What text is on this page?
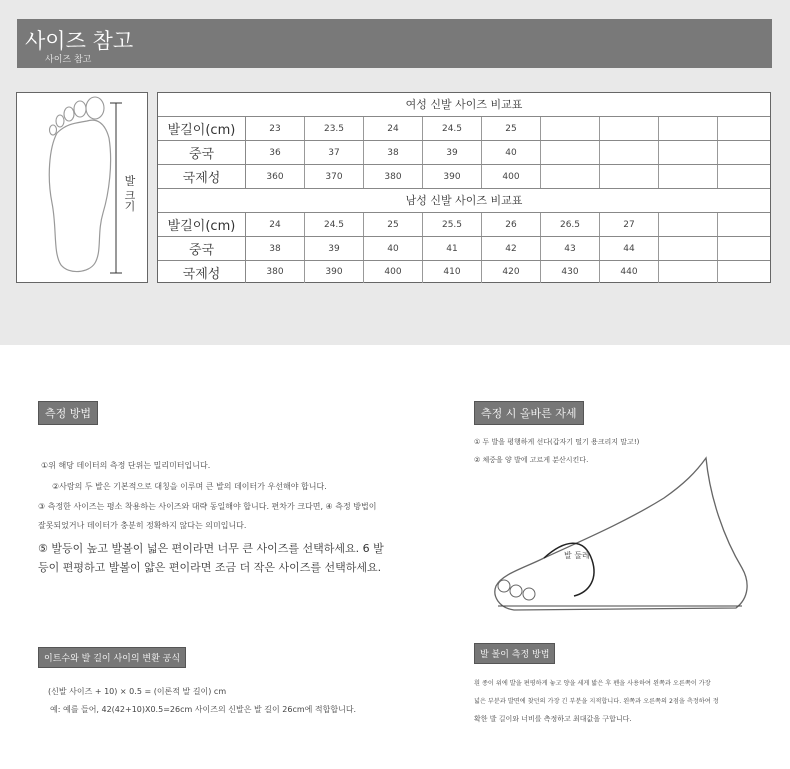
사이즈 참고
사이즈 참고
발 크기
여성 신발 사이즈 비교표
발길이(cm)	23	23.5	24	24.5	25
중국	36	37	38	39	40
국제성	360	370	380	390	400
남성 신발 사이즈 비교표
발길이(cm)	24	24.5	25	25.5	26	26.5	27
중국	38	39	40	41	42	43	44
국제성	380	390	400	410	420	430	440
측정 방법
①위 해당 데이터의 측정 단위는 밀리미터입니다.
②사람의 두 발은 기본적으로 대칭을 이루며 큰 발의 데이터가 우선해야 합니다.
③ 측정한 사이즈는 평소 착용하는 사이즈와 대략 동일해야 합니다. 편차가 크다면, ④ 측정 방법이
잘못되었거나 데이터가 충분히 정확하지 않다는 의미입니다.
⑤ 발등이 높고 발볼이 넓은 편이라면 너무 큰 사이즈를 선택하세요. 6 발
등이 편평하고 발볼이 얇은 편이라면 조금 더 작은 사이즈를 선택하세요.
측정 시 올바른 자세
① 두 발을 평행하게 선다(갑자기 떨기 용크리지 말고!)
② 체중을 양 발에 고르게 분산시킨다.
발 둘레
이트수와 발 길이 사이의 변환 공식
(신발 사이즈 + 10) × 0.5 = (이론적 발 길이) cm
예: 예를 들어, 42(42+10)X0.5=26cm 사이즈의 신발은 발 길이 26cm에 적합합니다.
발 볼이 측정 방법
흰 종이 위에 발을 편평하게 놓고 양을 세게 밟은 후 펜을 사용하여 왼쪽과 오른쪽이 가장
넓은 부분과 발면에 찾던의 가장 긴 부분을 지적합니다. 왼쪽과 오른쪽의 2점을 측정하여 정
확한 발 길이와 너비를 측정하고 최대값을 구합니다.
